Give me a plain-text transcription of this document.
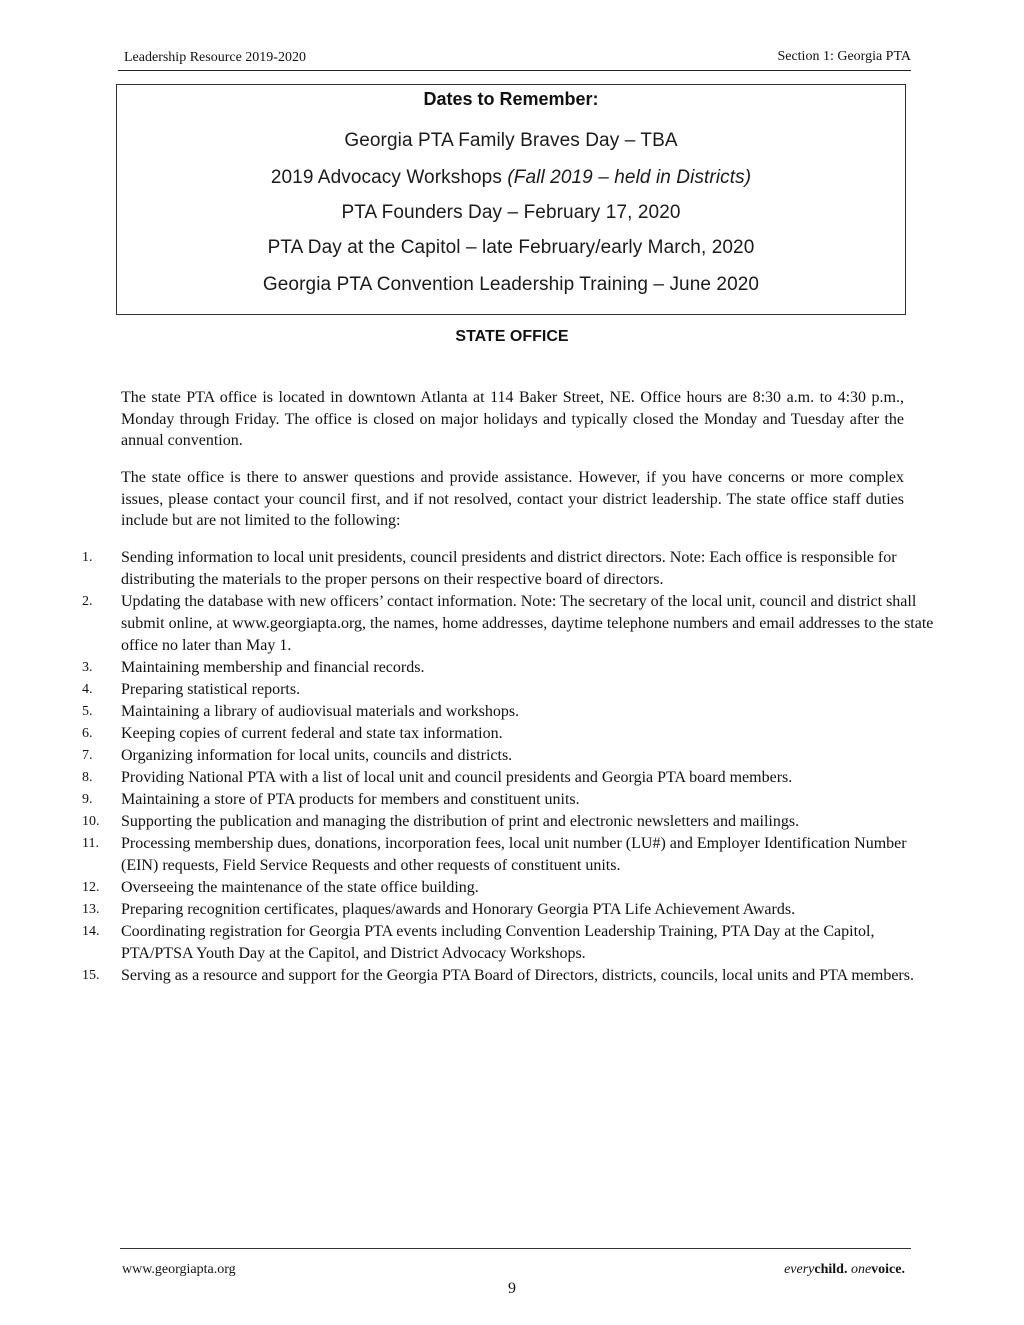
Leadership Resource 2019-2020	Section 1: Georgia PTA
Dates to Remember:
Georgia PTA Family Braves Day – TBA
2019 Advocacy Workshops (Fall 2019 – held in Districts)
PTA Founders Day – February 17, 2020
PTA Day at the Capitol – late February/early March, 2020
Georgia PTA Convention Leadership Training – June 2020
STATE OFFICE

The state PTA office is located in downtown Atlanta at 114 Baker Street, NE. Office hours are 8:30 a.m. to 4:30 p.m., Monday through Friday. The office is closed on major holidays and typically closed the Monday and Tuesday after the annual convention.

The state office is there to answer questions and provide assistance. However, if you have concerns or more complex issues, please contact your council first, and if not resolved, contact your district leadership. The state office staff duties include but are not limited to the following:

1.	Sending information to local unit presidents, council presidents and district directors. Note: Each office is responsible for distributing the materials to the proper persons on their respective board of directors.
2.	Updating the database with new officers’ contact information. Note: The secretary of the local unit, council and district shall submit online, at www.georgiapta.org, the names, home addresses, daytime telephone numbers and email addresses to the state office no later than May 1.
3.	Maintaining membership and financial records.
4.	Preparing statistical reports.
5.	Maintaining a library of audiovisual materials and workshops.
6.	Keeping copies of current federal and state tax information.
7.	Organizing information for local units, councils and districts.
8.	Providing National PTA with a list of local unit and council presidents and Georgia PTA board members.
9.	Maintaining a store of PTA products for members and constituent units.
10.	Supporting the publication and managing the distribution of print and electronic newsletters and mailings.
11.	Processing membership dues, donations, incorporation fees, local unit number (LU#) and Employer Identification Number (EIN) requests, Field Service Requests and other requests of constituent units.
12.	Overseeing the maintenance of the state office building.
13.	Preparing recognition certificates, plaques/awards and Honorary Georgia PTA Life Achievement Awards.
14.	Coordinating registration for Georgia PTA events including Convention Leadership Training, PTA Day at the Capitol, PTA/PTSA Youth Day at the Capitol, and District Advocacy Workshops.
15.	Serving as a resource and support for the Georgia PTA Board of Directors, districts, councils, local units and PTA members.
www.georgiapta.org	everychild. onevoice.
9
